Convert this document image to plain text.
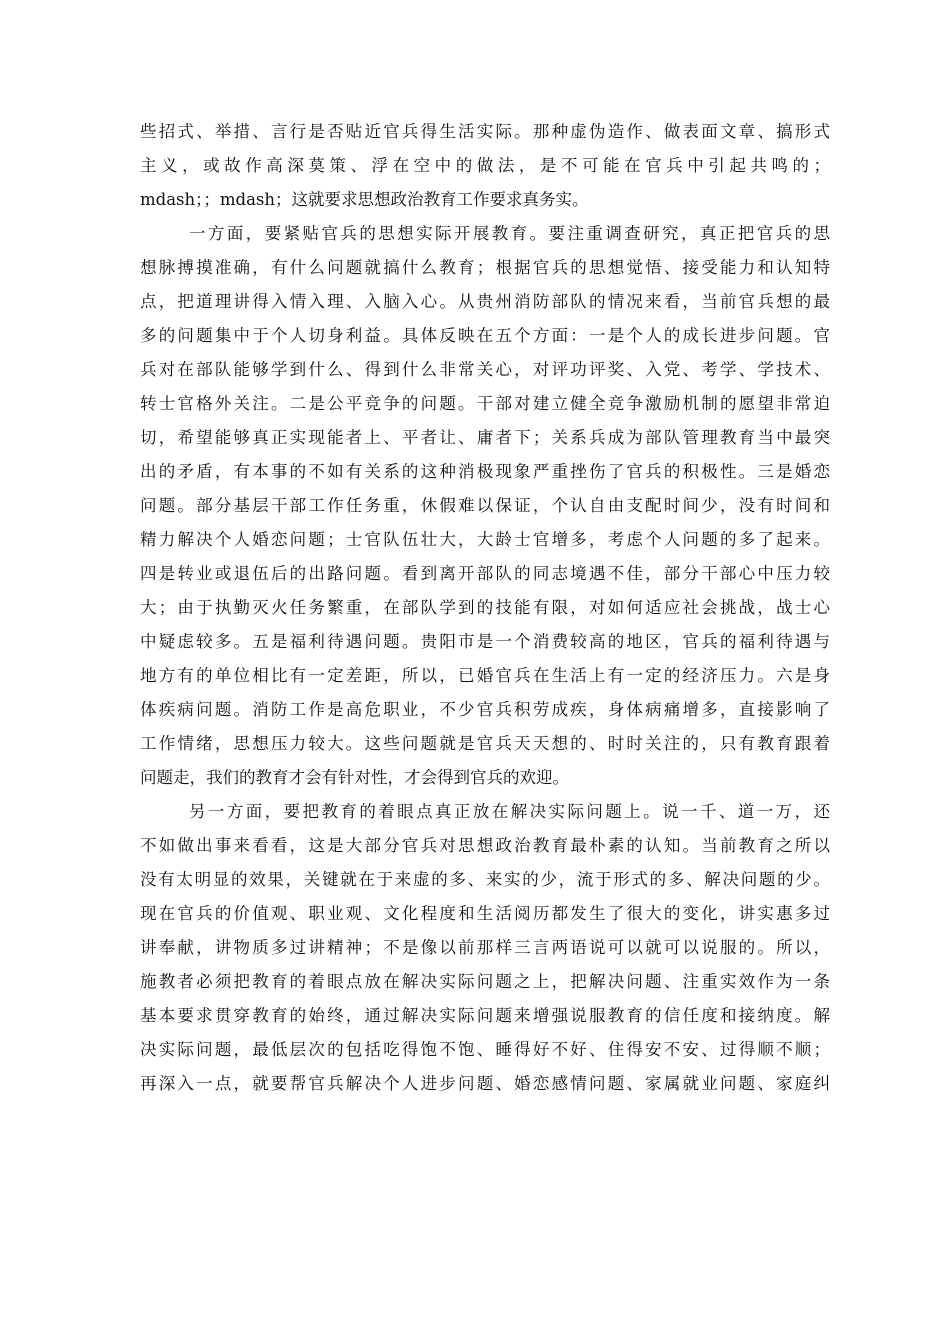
些招式、举措、言行是否贴近官兵得生活实际。那种虚伪造作、做表面文章、搞形式
主义，或故作高深莫策、浮在空中的做法，是不可能在官兵中引起共鸣的；
mdash；；mdash；这就要求思想政治教育工作要求真务实。
一方面，要紧贴官兵的思想实际开展教育。要注重调查研究，真正把官兵的思
想脉搏摸准确，有什么问题就搞什么教育；根据官兵的思想觉悟、接受能力和认知特
点，把道理讲得入情入理、入脑入心。从贵州消防部队的情况来看，当前官兵想的最
多的问题集中于个人切身利益。具体反映在五个方面：一是个人的成长进步问题。官
兵对在部队能够学到什么、得到什么非常关心，对评功评奖、入党、考学、学技术、
转士官格外关注。二是公平竞争的问题。干部对建立健全竞争激励机制的愿望非常迫
切，希望能够真正实现能者上、平者让、庸者下；关系兵成为部队管理教育当中最突
出的矛盾，有本事的不如有关系的这种消极现象严重挫伤了官兵的积极性。三是婚恋
问题。部分基层干部工作任务重，休假难以保证，个认自由支配时间少，没有时间和
精力解决个人婚恋问题；士官队伍壮大，大龄士官增多，考虑个人问题的多了起来。
四是转业或退伍后的出路问题。看到离开部队的同志境遇不佳，部分干部心中压力较
大；由于执勤灭火任务繁重，在部队学到的技能有限，对如何适应社会挑战，战士心
中疑虑较多。五是福利待遇问题。贵阳市是一个消费较高的地区，官兵的福利待遇与
地方有的单位相比有一定差距，所以，已婚官兵在生活上有一定的经济压力。六是身
体疾病问题。消防工作是高危职业，不少官兵积劳成疾，身体病痛增多，直接影响了
工作情绪，思想压力较大。这些问题就是官兵天天想的、时时关注的，只有教育跟着
问题走，我们的教育才会有针对性，才会得到官兵的欢迎。
另一方面，要把教育的着眼点真正放在解决实际问题上。说一千、道一万，还
不如做出事来看看，这是大部分官兵对思想政治教育最朴素的认知。当前教育之所以
没有太明显的效果，关键就在于来虚的多、来实的少，流于形式的多、解决问题的少。
现在官兵的价值观、职业观、文化程度和生活阅历都发生了很大的变化，讲实惠多过
讲奉献，讲物质多过讲精神；不是像以前那样三言两语说可以就可以说服的。所以，
施教者必须把教育的着眼点放在解决实际问题之上，把解决问题、注重实效作为一条
基本要求贯穿教育的始终，通过解决实际问题来增强说服教育的信任度和接纳度。解
决实际问题，最低层次的包括吃得饱不饱、睡得好不好、住得安不安、过得顺不顺；
再深入一点，就要帮官兵解决个人进步问题、婚恋感情问题、家属就业问题、家庭纠
